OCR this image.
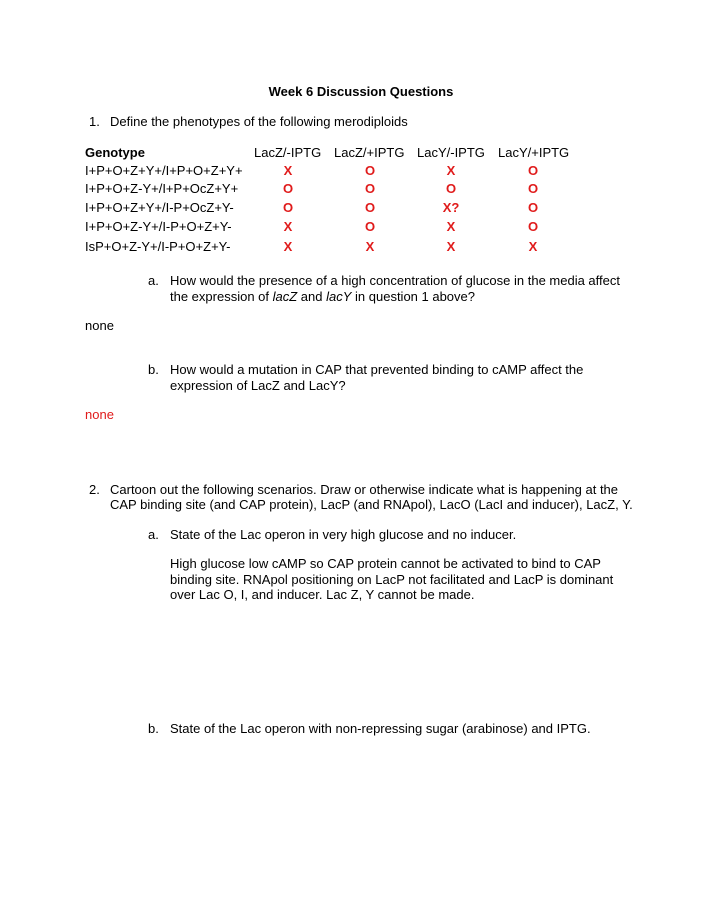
Week 6 Discussion Questions
1. Define the phenotypes of the following merodiploids
Genotype	LacZ/-IPTG LacZ/+IPTG LacY/-IPTG LacY/+IPTG
I+P+O+Z+Y+/I+P+O+Z+Y+	X	O	X	O
I+P+O+Z-Y+/I+P+OcZ+Y+	O	O	O	O
I+P+O+Z+Y+/I-P+OcZ+Y-	O	O	X?	O
I+P+O+Z-Y+/I-P+O+Z+Y-	X	O	X	O
IsP+O+Z-Y+/I-P+O+Z+Y-	X	X	X	X
a. How would the presence of a high concentration of glucose in the media affect
the expression of lacZ and lacY in question 1 above?
none
b. How would a mutation in CAP that prevented binding to cAMP affect the
expression of LacZ and LacY?
none
2. Cartoon out the following scenarios. Draw or otherwise indicate what is happening at the
CAP binding site (and CAP protein), LacP (and RNApol), LacO (LacI and inducer), LacZ, Y.
a. State of the Lac operon in very high glucose and no inducer.
High glucose low cAMP so CAP protein cannot be activated to bind to CAP
binding site. RNApol positioning on LacP not facilitated and LacP is dominant
over Lac O, I, and inducer. Lac Z, Y cannot be made.
b. State of the Lac operon with non-repressing sugar (arabinose) and IPTG.
